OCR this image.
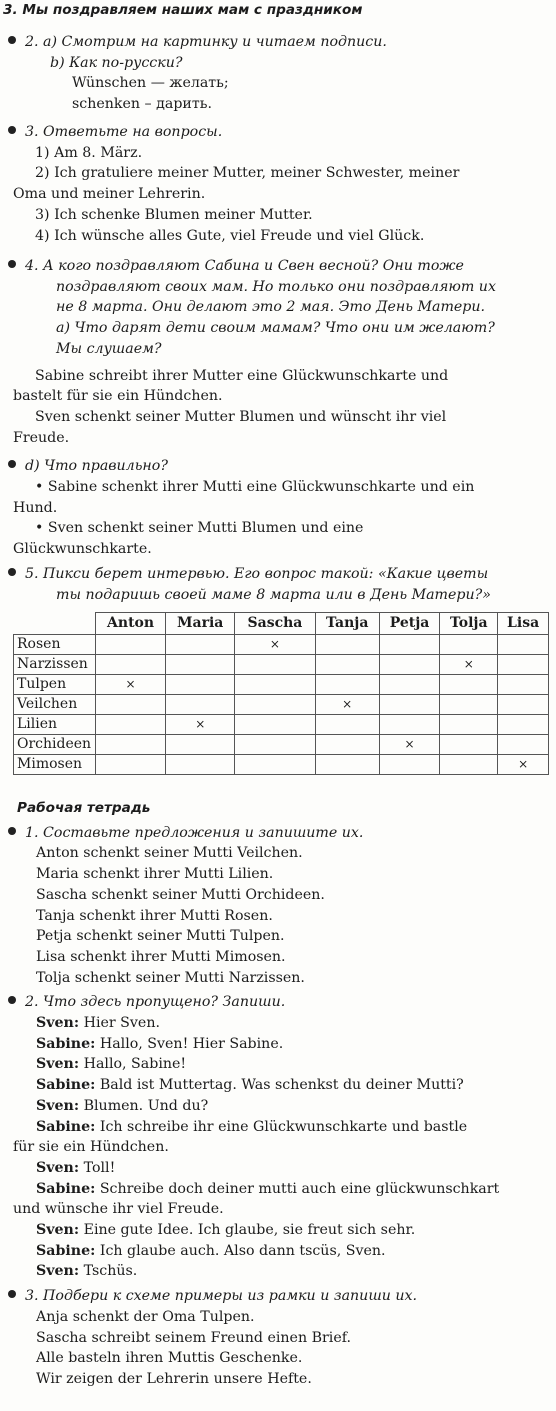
3. Мы поздравляем наших мам с праздником
2. а) Смотрим на картинку и читаем подписи.
b) Как по-русски?
Wünschen — желать;
schenken – дарить.
3. Ответьте на вопросы.
1) Am 8. März.
2) Ich gratuliere meiner Mutter, meiner Schwester, meiner
Oma und meiner Lehrerin.
3) Ich schenke Blumen meiner Mutter.
4) Ich wünsche alles Gute, viel Freude und viel Glück.
4. А кого поздравляют Сабина и Свен весной? Они тоже
поздравляют своих мам. Но только они поздравляют их
не 8 марта. Они делают это 2 мая. Это День Матери.
а) Что дарят дети своим мамам? Что они им желают?
Мы слушаем?
Sabine schreibt ihrer Mutter eine Glückwunschkarte und
bastelt für sie ein Hündchen.
Sven schenkt seiner Mutter Blumen und wünscht ihr viel
Freude.
d) Что правильно?
• Sabine schenkt ihrer Mutti eine Glückwunschkarte und ein
Hund.
• Sven schenkt seiner Mutti Blumen und eine
Glückwunschkarte.
5. Пикси берет интервью. Его вопрос такой: «Какие цветы
ты подаришь своей маме 8 марта или в День Матери?»
	Anton	Maria	Sascha	Tanja	Petja	Tolja	Lisa
Rosen			×				
Narzissen						×	
Tulpen	×						
Veilchen				×			
Lilien		×					
Orchideen					×		
Mimosen							×
Рабочая тетрадь
1. Составьте предложения и запишите их.
Anton schenkt seiner Mutti Veilchen.
Maria schenkt ihrer Mutti Lilien.
Sascha schenkt seiner Mutti Orchideen.
Tanja schenkt ihrer Mutti Rosen.
Petja schenkt seiner Mutti Tulpen.
Lisa schenkt ihrer Mutti Mimosen.
Tolja schenkt seiner Mutti Narzissen.
2. Что здесь пропущено? Запиши.
Sven: Hier Sven.
Sabine: Hallo, Sven! Hier Sabine.
Sven: Hallo, Sabine!
Sabine: Bald ist Muttertag. Was schenkst du deiner Mutti?
Sven: Blumen. Und du?
Sabine: Ich schreibe ihr eine Glückwunschkarte und bastle
für sie ein Hündchen.
Sven: Toll!
Sabine: Schreibe doch deiner mutti auch eine glückwunschkart
und wünsche ihr viel Freude.
Sven: Eine gute Idee. Ich glaube, sie freut sich sehr.
Sabine: Ich glaube auch. Also dann tscüs, Sven.
Sven: Tschüs.
3. Подбери к схеме примеры из рамки и запиши их.
Anja schenkt der Oma Tulpen.
Sascha schreibt seinem Freund einen Brief.
Alle basteln ihren Muttis Geschenke.
Wir zeigen der Lehrerin unsere Hefte.
